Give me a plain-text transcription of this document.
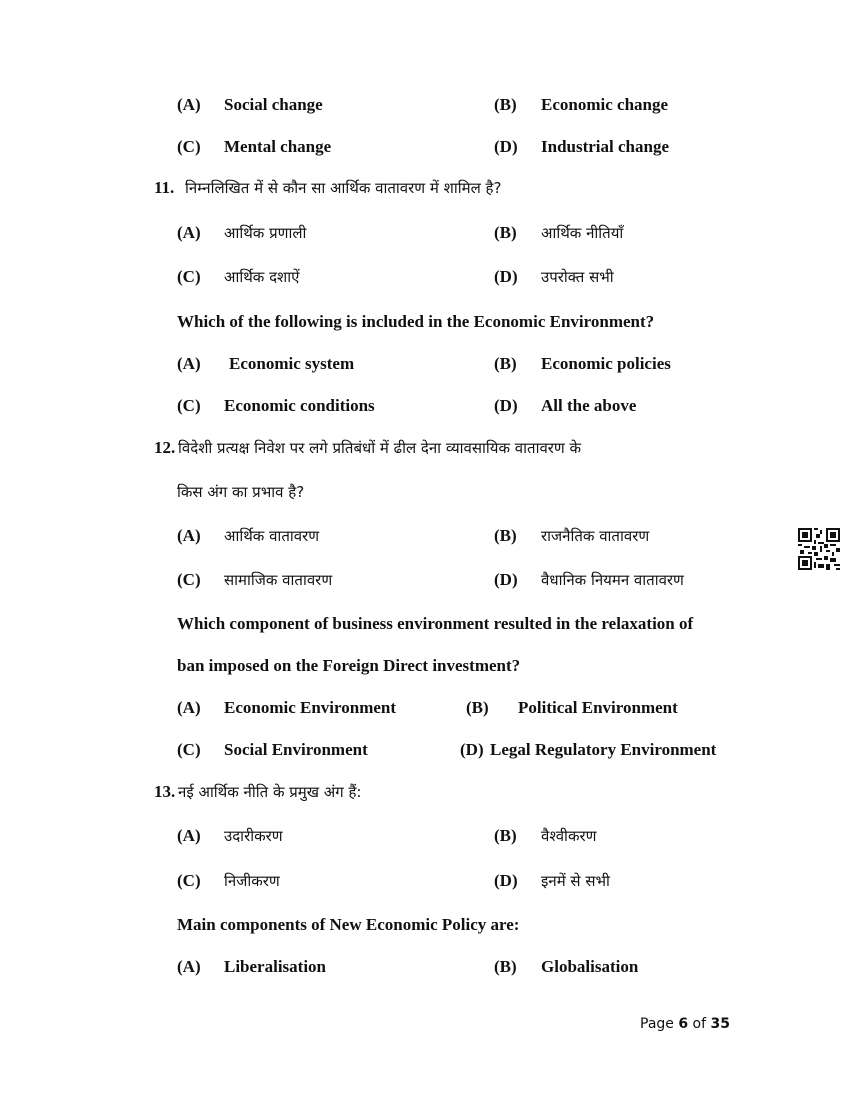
(A) Social change	(B) Economic change
(C) Mental change	(D) Industrial change
11. निम्नलिखित में से कौन सा आर्थिक वातावरण में शामिल है?
(A) आर्थिक प्रणाली	(B) आर्थिक नीतियाँ
(C) आर्थिक दशाऐं	(D) उपरोक्त सभी
Which of the following is included in the Economic Environment?
(A) Economic system	(B) Economic policies
(C) Economic conditions	(D) All the above
12. विदेशी प्रत्यक्ष निवेश पर लगे प्रतिबंधों में ढील देना व्यावसायिक वातावरण के
किस अंग का प्रभाव है?
(A) आर्थिक वातावरण	(B) राजनैतिक वातावरण
(C) सामाजिक वातावरण	(D) वैधानिक नियमन वातावरण
Which component of business environment resulted in the relaxation of
ban imposed on the Foreign Direct investment?
(A) Economic Environment	(B) Political Environment
(C) Social Environment	(D) Legal Regulatory Environment
13. नई आर्थिक नीति के प्रमुख अंग हैं:
(A) उदारीकरण	(B) वैश्वीकरण
(C) निजीकरण	(D) इनमें से सभी
Main components of New Economic Policy are:
(A) Liberalisation	(B) Globalisation
Page 6 of 35
